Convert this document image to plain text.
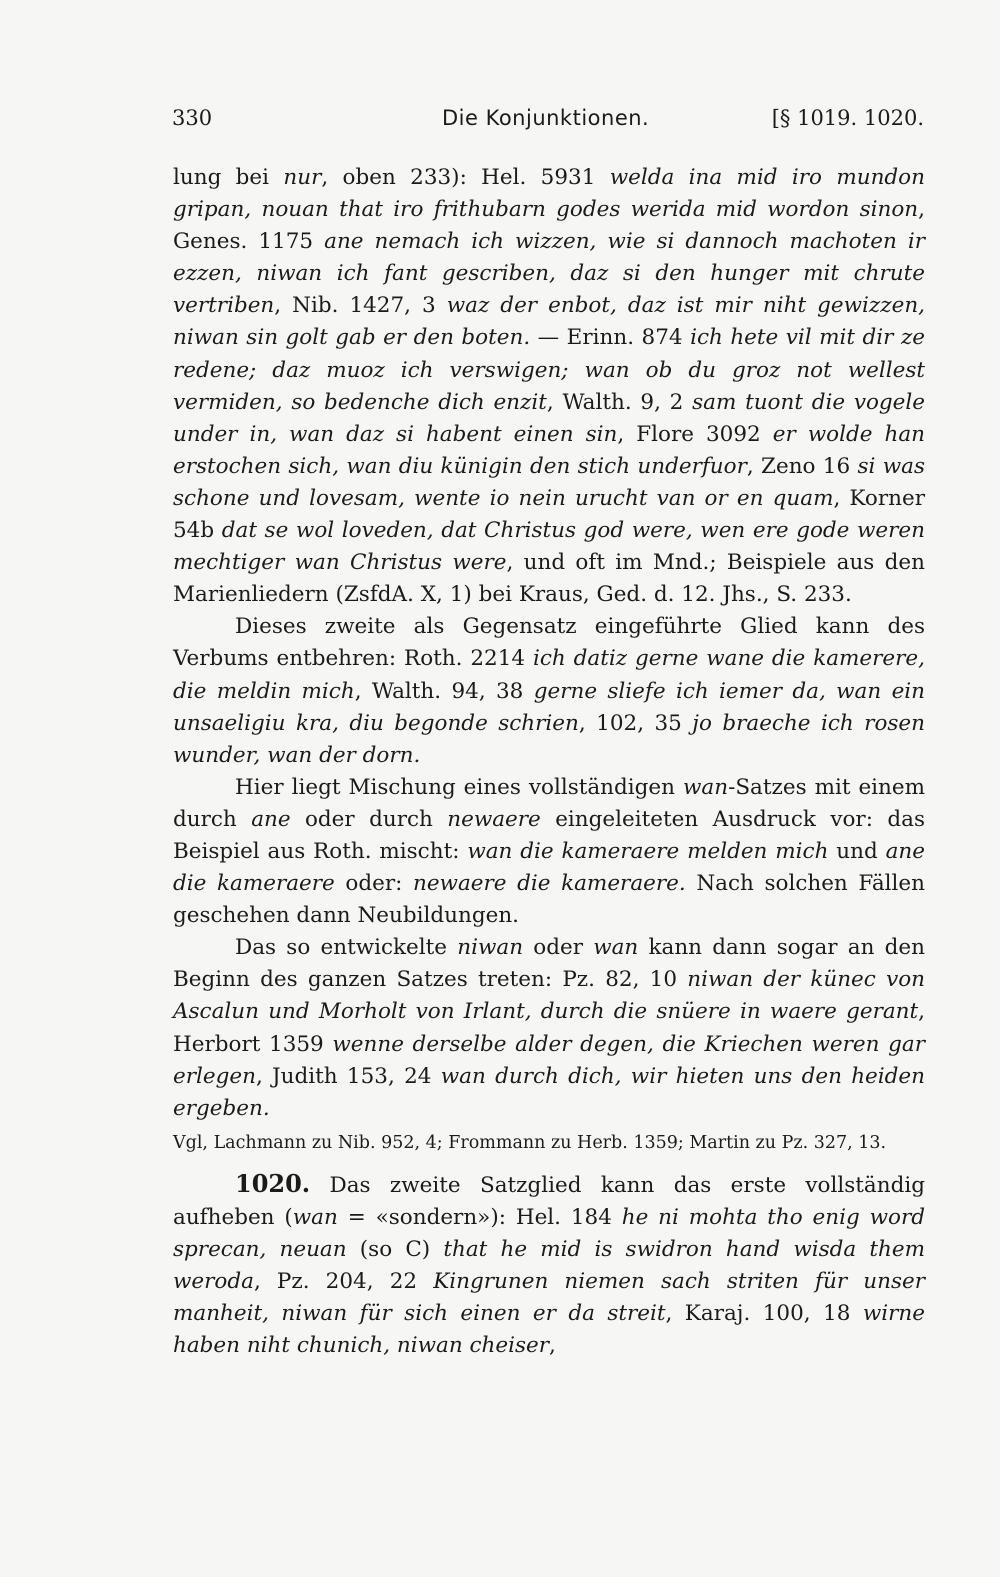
330	Die Konjunktionen.	[§ 1019. 1020.

lung bei nur, oben 233): Hel. 5931 welda ina mid iro mundon gripan, nouan that iro frithubarn godes werida mid wordon sinon, Genes. 1175 ane nemach ich wizzen, wie si dannoch machoten ir ezzen, niwan ich fant gescriben, daz si den hunger mit chrute vertriben, Nib. 1427, 3 waz der enbot, daz ist mir niht gewizzen, niwan sin golt gab er den boten. — Erinn. 874 ich hete vil mit dir ze redene; daz muoz ich verswigen; wan ob du groz not wellest vermiden, so bedenche dich enzit, Walth. 9, 2 sam tuont die vogele under in, wan daz si habent einen sin, Flore 3092 er wolde han erstochen sich, wan diu künigin den stich underfuor, Zeno 16 si was schone und lovesam, wente io nein urucht van or en quam, Korner 54b dat se wol loveden, dat Christus god were, wen ere gode weren mechtiger wan Christus were, und oft im Mnd.; Beispiele aus den Marienliedern (ZsfdA. X, 1) bei Kraus, Ged. d. 12. Jhs., S. 233.

Dieses zweite als Gegensatz eingeführte Glied kann des Verbums entbehren: Roth. 2214 ich datiz gerne wane die kamerere, die meldin mich, Walth. 94, 38 gerne sliefe ich iemer da, wan ein unsaeligiu kra, diu begonde schrien, 102, 35 jo braeche ich rosen wunder, wan der dorn.

Hier liegt Mischung eines vollständigen wan-Satzes mit einem durch ane oder durch newaere eingeleiteten Ausdruck vor: das Beispiel aus Roth. mischt: wan die kameraere melden mich und ane die kameraere oder: newaere die kameraere. Nach solchen Fällen geschehen dann Neubildungen.

Das so entwickelte niwan oder wan kann dann sogar an den Beginn des ganzen Satzes treten: Pz. 82, 10 niwan der künec von Ascalun und Morholt von Irlant, durch die snüere in waere gerant, Herbort 1359 wenne derselbe alder degen, die Kriechen weren gar erlegen, Judith 153, 24 wan durch dich, wir hieten uns den heiden ergeben.

Vgl, Lachmann zu Nib. 952, 4; Frommann zu Herb. 1359; Martin zu Pz. 327, 13.

1020. Das zweite Satzglied kann das erste vollständig aufheben (wan = «sondern»): Hel. 184 he ni mohta tho enig word sprecan, neuan (so C) that he mid is swidron hand wisda them weroda, Pz. 204, 22 Kingrunen niemen sach striten für unser manheit, niwan für sich einen er da streit, Karaj. 100, 18 wirne haben niht chunich, niwan cheiser,
